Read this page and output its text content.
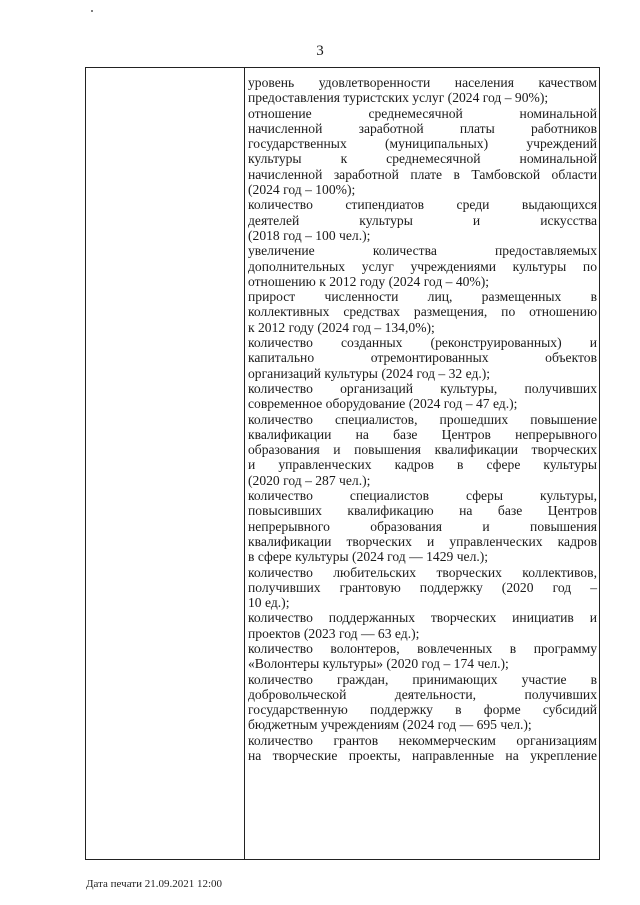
3
уровень удовлетворенности населения качеством
предоставления туристских услуг (2024 год – 90%);
отношение среднемесячной номинальной
начисленной заработной платы работников
государственных (муниципальных) учреждений
культуры к среднемесячной номинальной
начисленной заработной плате в Тамбовской области
(2024 год – 100%);
количество стипендиатов среди выдающихся
деятелей культуры и искусства
(2018 год – 100 чел.);
увеличение количества предоставляемых
дополнительных услуг учреждениями культуры по
отношению к 2012 году (2024 год – 40%);
прирост численности лиц, размещенных в
коллективных средствах размещения, по отношению
к 2012 году (2024 год – 134,0%);
количество созданных (реконструированных) и
капитально отремонтированных объектов
организаций культуры (2024 год – 32 ед.);
количество организаций культуры, получивших
современное оборудование (2024 год – 47 ед.);
количество специалистов, прошедших повышение
квалификации на базе Центров непрерывного
образования и повышения квалификации творческих
и управленческих кадров в сфере культуры
(2020 год – 287 чел.);
количество специалистов сферы культуры,
повысивших квалификацию на базе Центров
непрерывного образования и повышения
квалификации творческих и управленческих кадров
в сфере культуры (2024 год — 1429 чел.);
количество любительских творческих коллективов,
получивших грантовую поддержку (2020 год –
10 ед.);
количество поддержанных творческих инициатив и
проектов (2023 год — 63 ед.);
количество волонтеров, вовлеченных в программу
«Волонтеры культуры» (2020 год – 174 чел.);
количество граждан, принимающих участие в
добровольческой деятельности, получивших
государственную поддержку в форме субсидий
бюджетным учреждениям (2024 год — 695 чел.);
количество грантов некоммерческим организациям
на творческие проекты, направленные на укрепление
Дата печати 21.09.2021 12:00
